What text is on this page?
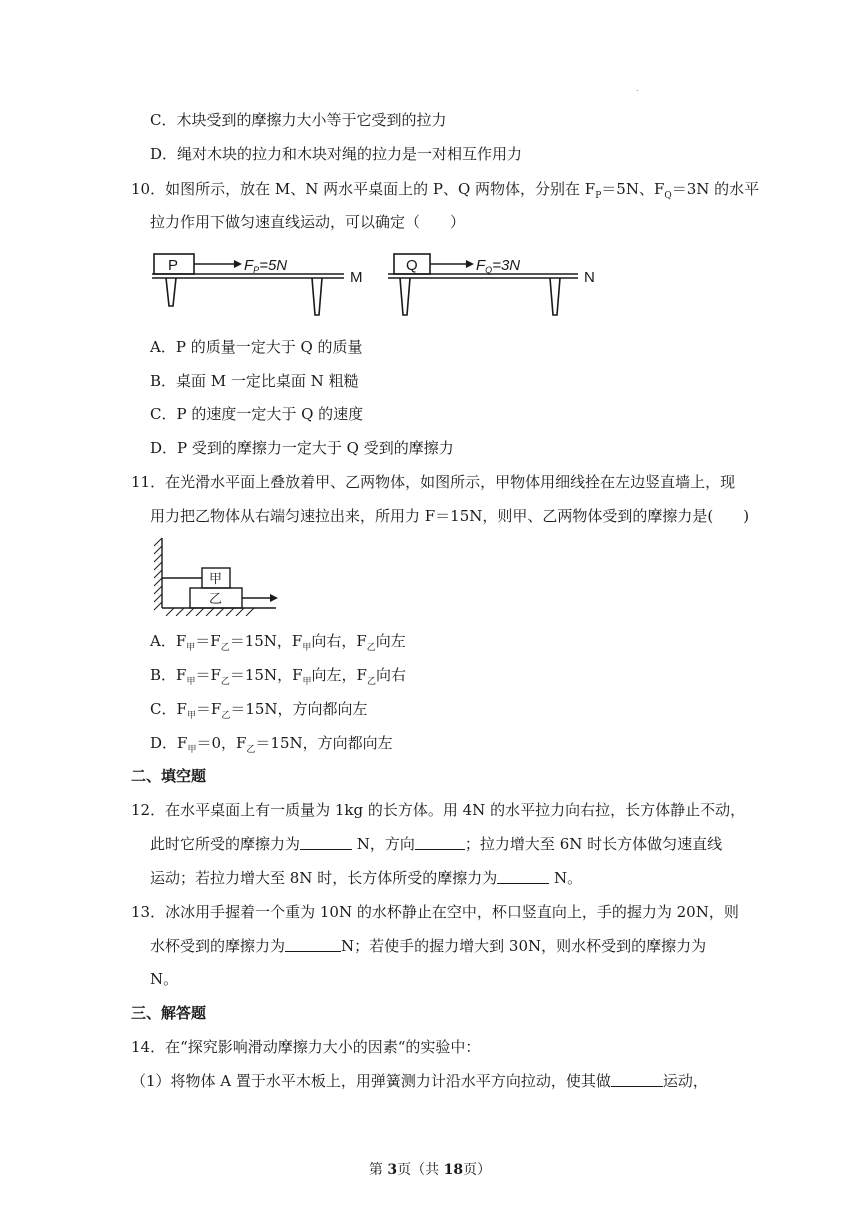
.
C．木块受到的摩擦力大小等于它受到的拉力
D．绳对木块的拉力和木块对绳的拉力是一对相互作用力
10．如图所示，放在 M、N 两水平桌面上的 P、Q 两物体，分别在 $F_P=5N$、$F_Q=3N$ 的水平
拉力作用下做匀速直线运动，可以确定（　　）
P	$F_P=5N$
M
Q	$F_Q=3N$
N
A．P 的质量一定大于 Q 的质量
B．桌面 M 一定比桌面 N 粗糙
C．P 的速度一定大于 Q 的速度
D．P 受到的摩擦力一定大于 Q 受到的摩擦力
11．在光滑水平面上叠放着甲、乙两物体，如图所示，甲物体用细线拴在左边竖直墙上，现
用力把乙物体从右端匀速拉出来，所用力 F＝15N，则甲、乙两物体受到的摩擦力是(　　)
甲
乙
A．$F_甲=F_乙=15N$，$F_甲$向右，$F_乙$向左
B．$F_甲=F_乙=15N$，$F_甲$向左，$F_乙$向右
C．$F_甲=F_乙=15N$，方向都向左
D．$F_甲=0$，$F_乙=15N$，方向都向左
二、填空题
12．在水平桌面上有一质量为 1kg 的长方体。用 4N 的水平拉力向右拉，长方体静止不动，
此时它所受的摩擦力为	N，方向	；拉力增大至 6N 时长方体做匀速直线
运动；若拉力增大至 8N 时，长方体所受的摩擦力为	N。
13．冰冰用手握着一个重为 10N 的水杯静止在空中，杯口竖直向上，手的握力为 20N，则
水杯受到的摩擦力为	N；若使手的握力增大到 30N，则水杯受到的摩擦力为
N。
三、解答题
14．在“探究影响滑动摩擦力大小的因素“的实验中：
（1）将物体 A 置于水平木板上，用弹簧测力计沿水平方向拉动，使其做	运动，
第 3页（共 18页）
